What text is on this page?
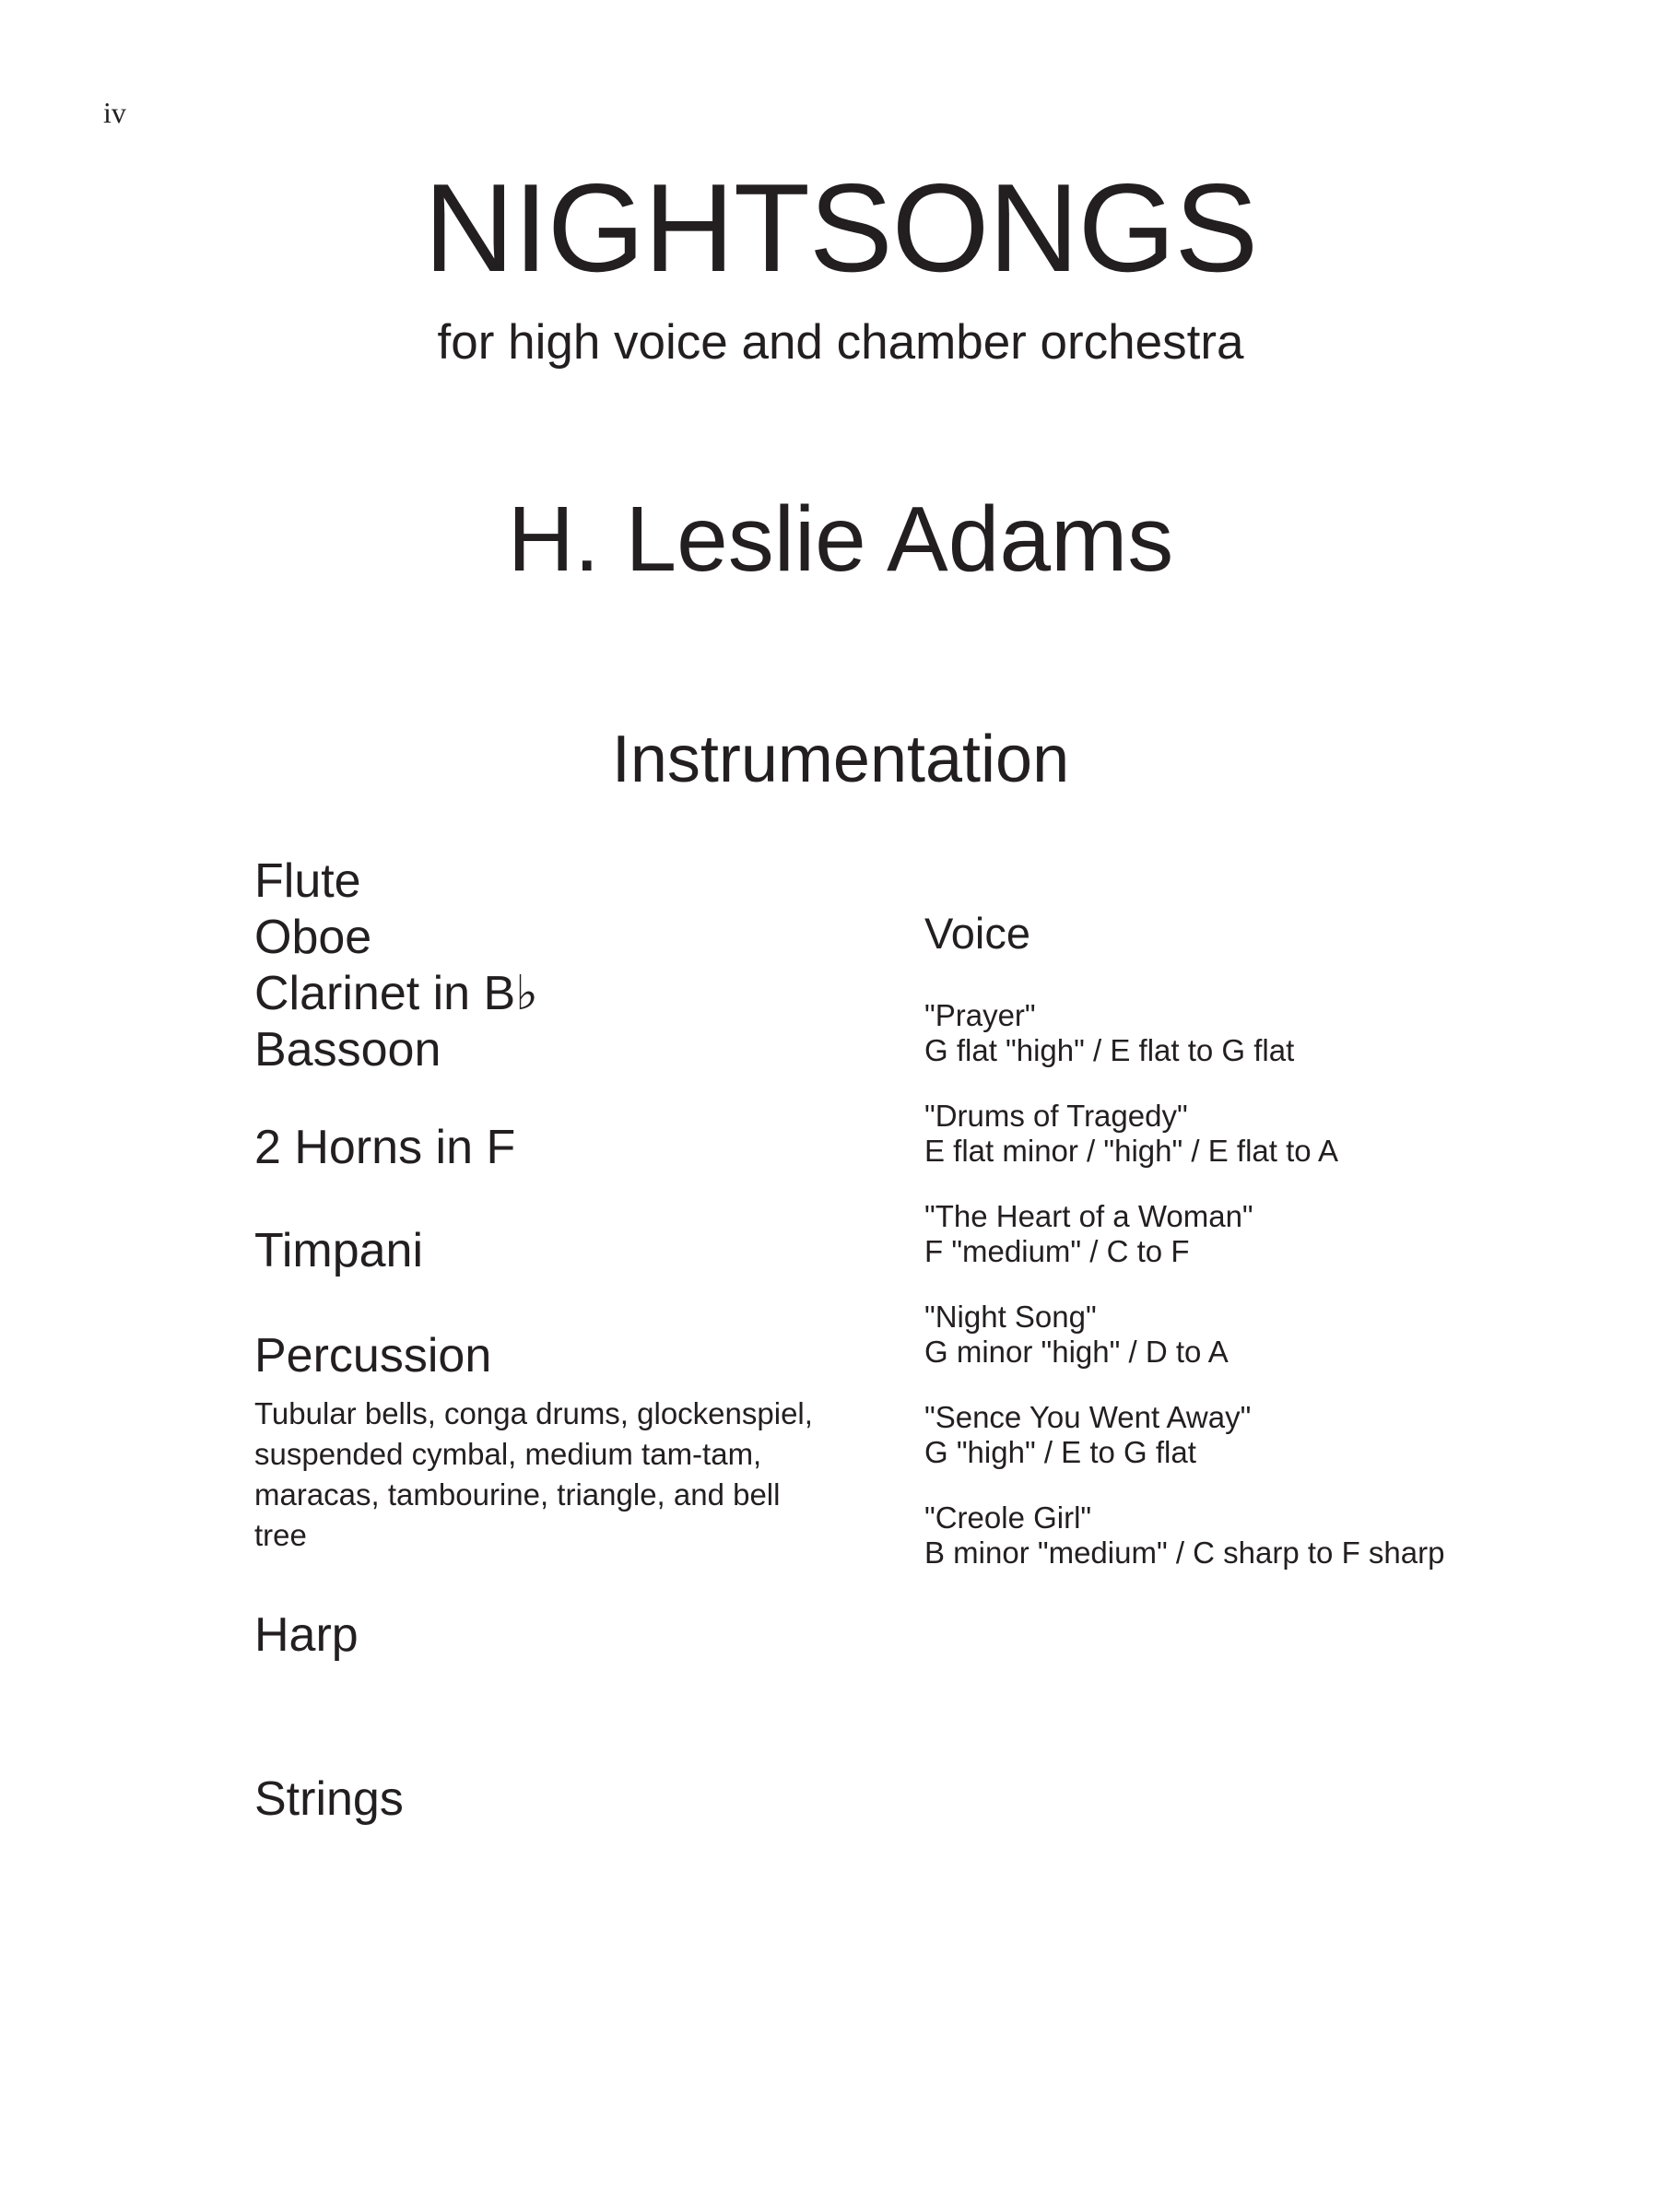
iv
NIGHTSONGS
for high voice and chamber orchestra
H. Leslie Adams
Instrumentation
Flute
Oboe
Clarinet in B♭
Bassoon
2 Horns in F
Timpani
Percussion
Tubular bells, conga drums, glockenspiel, suspended cymbal, medium tam-tam, maracas, tambourine, triangle, and bell tree
Harp
Strings
Voice
"Prayer"
G flat "high" / E flat to G flat
"Drums of Tragedy"
E flat minor / "high" / E flat to A
"The Heart of a Woman"
F "medium" / C to F
"Night Song"
G minor "high" / D to A
"Sence You Went Away"
G "high" / E to G flat
"Creole Girl"
B minor "medium" / C sharp to F sharp
